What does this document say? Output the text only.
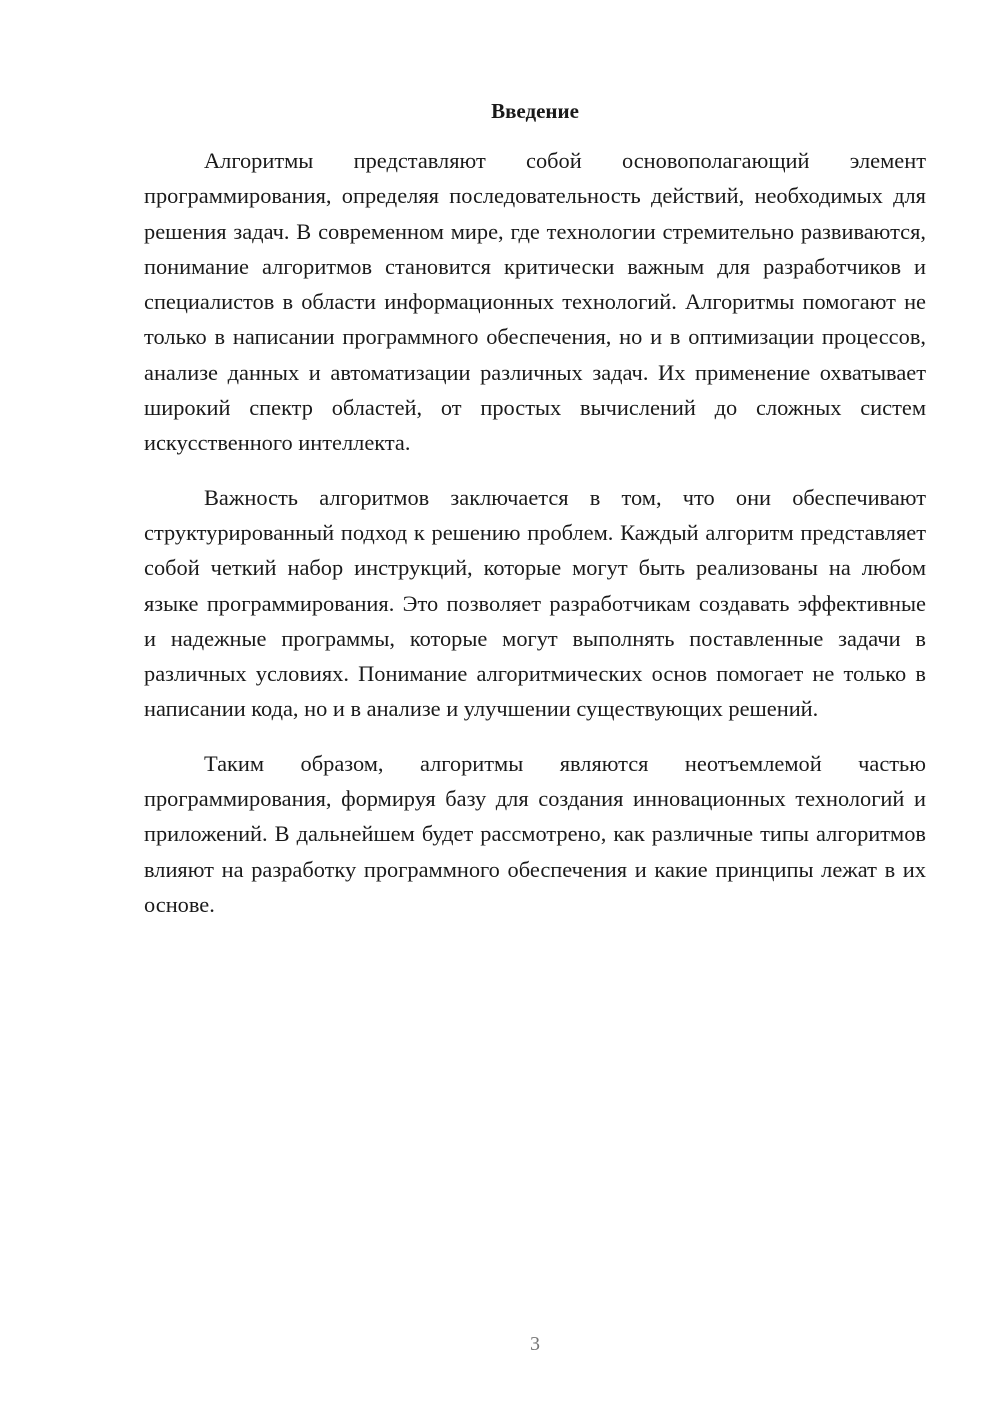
Введение

Алгоритмы представляют собой основополагающий элемент программирования, определяя последовательность действий, необходимых для решения задач. В современном мире, где технологии стремительно развиваются, понимание алгоритмов становится критически важным для разработчиков и специалистов в области информационных технологий. Алгоритмы помогают не только в написании программного обеспечения, но и в оптимизации процессов, анализе данных и автоматизации различных задач. Их применение охватывает широкий спектр областей, от простых вычислений до сложных систем искусственного интеллекта.

Важность алгоритмов заключается в том, что они обеспечивают структурированный подход к решению проблем. Каждый алгоритм представляет собой четкий набор инструкций, которые могут быть реализованы на любом языке программирования. Это позволяет разработчикам создавать эффективные и надежные программы, которые могут выполнять поставленные задачи в различных условиях. Понимание алгоритмических основ помогает не только в написании кода, но и в анализе и улучшении существующих решений.

Таким образом, алгоритмы являются неотъемлемой частью программирования, формируя базу для создания инновационных технологий и приложений. В дальнейшем будет рассмотрено, как различные типы алгоритмов влияют на разработку программного обеспечения и какие принципы лежат в их основе.

3
